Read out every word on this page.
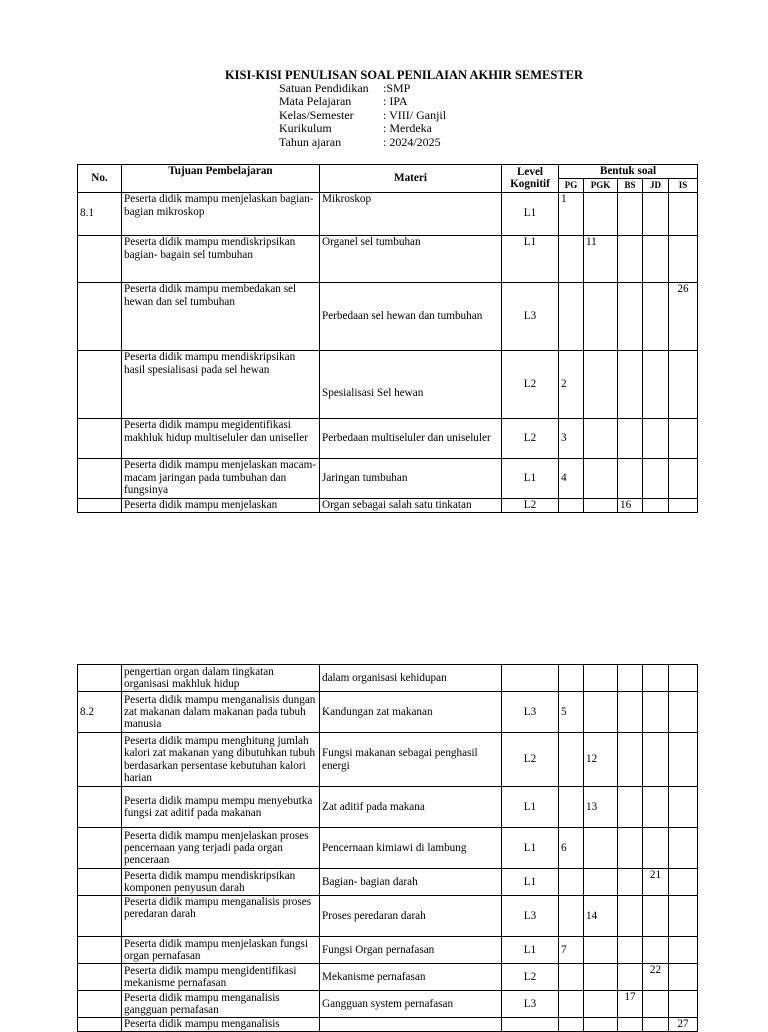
KISI-KISI PENULISAN SOAL PENILAIAN AKHIR SEMESTER
Satuan Pendidikan	:SMP
Mata Pelajaran	: IPA
Kelas/Semester	: VIII/ Ganjil
Kurikulum	: Merdeka
Tahun ajaran	: 2024/2025
No.	Tujuan Pembelajaran	Materi	Level Kognitif	Bentuk soal				
				PG	PGK	BS	JD	IS
8.1	Peserta didik mampu menjelaskan bagian- bagian mikroskop	Mikroskop	L1	1				
	Peserta didik mampu mendiskripsikan bagian- bagain sel tumbuhan	Organel sel tumbuhan	L1		11			
	Peserta didik mampu membedakan sel hewan dan sel tumbuhan	Perbedaan sel hewan dan tumbuhan	L3					26
	Peserta didik mampu mendiskripsikan hasil spesialisasi pada sel hewan	Spesialisasi Sel hewan	L2	2				
	Peserta didik mampu megidentifikasi makhluk hidup multiseluler dan uniseller	Perbedaan multiseluler dan uniseluler	L2	3				
	Peserta didik mampu menjelaskan macam- macam jaringan pada tumbuhan dan fungsinya	Jaringan tumbuhan	L1	4				
	Peserta didik mampu menjelaskan	Organ sebagai salah satu tinkatan	L2			16		
	pengertian organ dalam tingkatan organisasi makhluk hidup	dalam organisasi kehidupan						
8.2	Peserta didik mampu menganalisis dungan zat makanan dalam makanan pada tubuh manusia	Kandungan zat makanan	L3	5				
	Peserta didik mampu menghitung jumlah kalori zat makanan yang dibutuhkan tubuh berdasarkan persentase kebutuhan kalori harian	Fungsi makanan sebagai penghasil energi	L2		12			
	Peserta didik mampu mempu menyebutka fungsi zat aditif pada makanan	Zat aditif pada makana	L1		13			
	Peserta didik mampu menjelaskan proses pencernaan yang terjadi pada organ penceraan	Pencernaan kimiawi di lambung	L1	6				
	Peserta didik mampu mendiskripsikan komponen penyusun darah	Bagian- bagian darah	L1				21	
	Peserta didik mampu menganalisis proses peredaran darah	Proses peredaran darah	L3		14			
	Peserta didik mampu menjelaskan fungsi organ pernafasan	Fungsi Organ pernafasan	L1	7				
	Peserta didik mampu mengidentifikasi mekanisme pernafasan	Mekanisme pernafasan	L2				22	
	Peserta didik mampu menganalisis gangguan pernafasan	Gangguan system pernafasan	L3			17		
	Peserta didik mampu menganalisis							27
